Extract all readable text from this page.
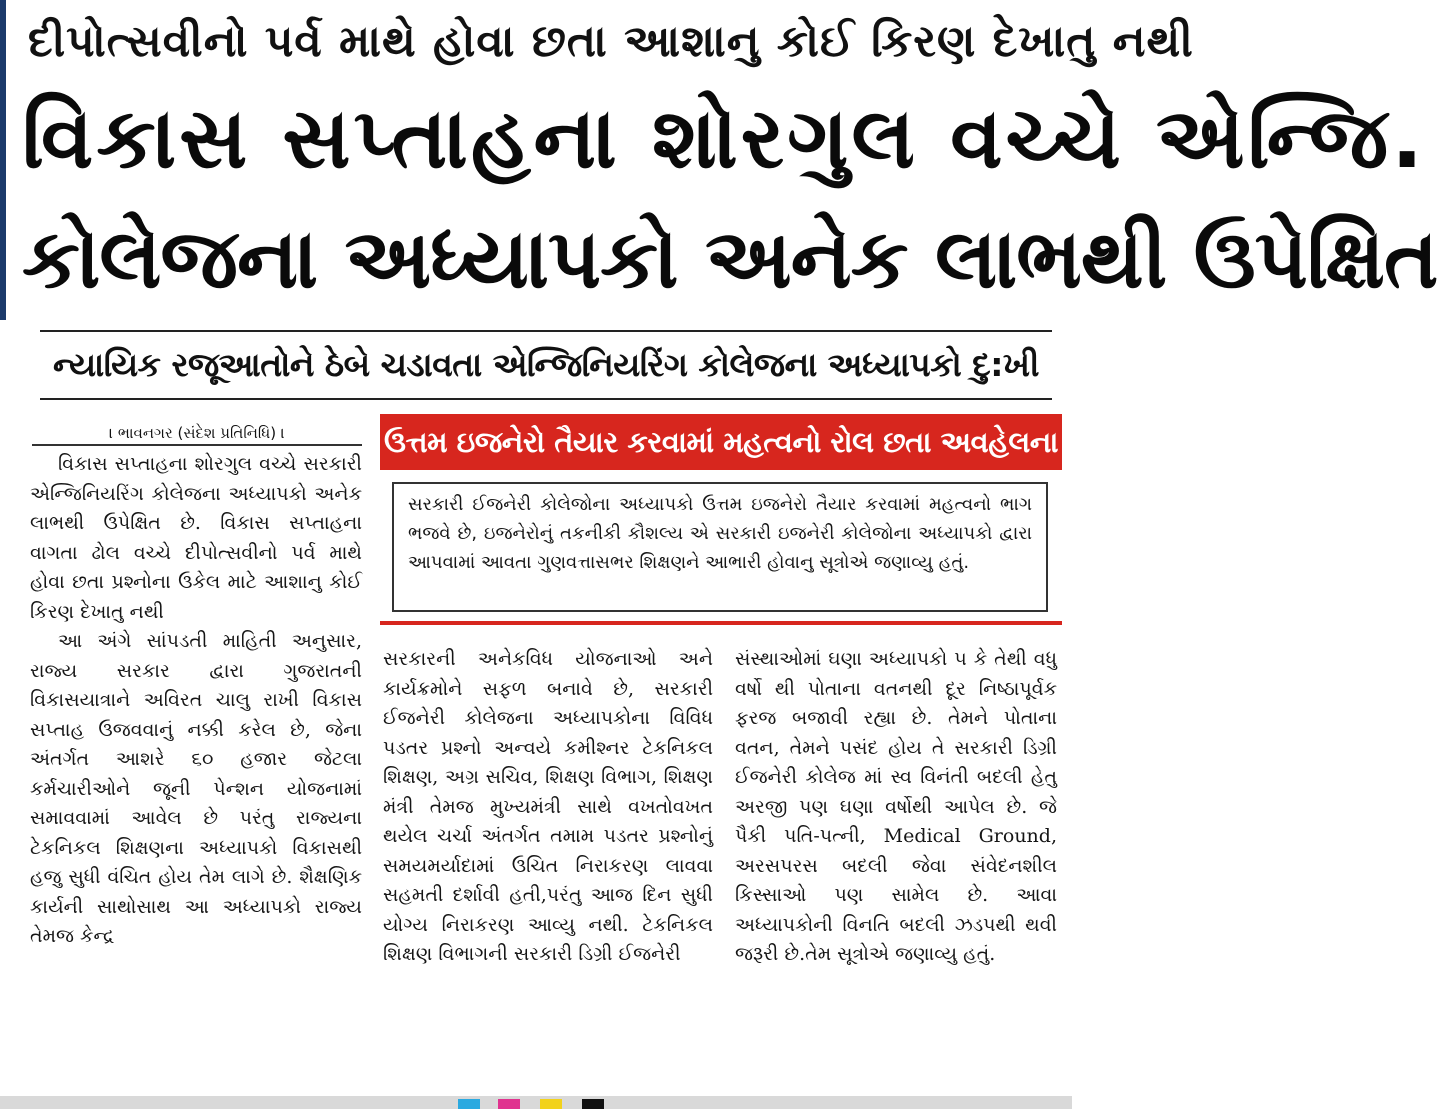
દીપોત્સવીનો પર્વ માથે હોવા છતા આશાનુ કોઈ કિરણ દેખાતુ નથી
વિકાસ સપ્તાહના શોરગુલ વચ્ચે એન્જિ.
કોલેજના અધ્યાપકો અનેક લાભથી ઉપેક્ષિત
ન્યાયિક રજૂઆતોને ઠેબે ચડાવતા એન્જિનિયરિંગ કોલેજના અધ્યાપકો દુ:ખી
। ભાવનગર (સંદેશ પ્રતિનિધિ) ।

વિકાસ સપ્તાહના શોરગુલ વચ્ચે સરકારી એન્જિનિયરિંગ કોલેજના અધ્યાપકો અનેક લાભથી ઉપેક્ષિત છે. વિકાસ સપ્તાહના વાગતા ઢોલ વચ્ચે દીપોત્સવીનો પર્વ માથે હોવા છતા પ્રશ્નોના ઉકેલ માટે આશાનુ કોઈ કિરણ દેખાતુ નથી

આ અંગે સાંપડતી માહિતી અનુસાર, રાજ્ય સરકાર દ્વારા ગુજરાતની વિકાસયાત્રાને અવિરત ચાલુ રાખી વિકાસ સપ્તાહ ઉજવવાનું નક્કી કરેલ છે, જેના અંતર્ગત આશરે ૬૦ હજાર જેટલા કર્મચારીઓને જૂની પેન્શન યોજનામાં સમાવવામાં આવેલ છે પરંતુ રાજ્યના ટેકનિકલ શિક્ષણના અધ્યાપકો વિકાસથી હજુ સુધી વંચિત હોય તેમ લાગે છે. શૈક્ષણિક કાર્યની સાથોસાથ આ અધ્યાપકો રાજ્ય તેમજ કેન્દ્ર

ઉત્તમ ઇજનેરો તૈયાર કરવામાં મહત્વનો રોલ છતા અવહેલના
સરકારી ઈજનેરી કોલેજોના અધ્યાપકો ઉત્તમ ઇજનેરો તૈયાર કરવામાં મહત્વનો ભાગ ભજવે છે, ઇજનેરોનું તકનીકી કૌશલ્ય એ સરકારી ઇજનેરી કોલેજોના અધ્યાપકો દ્વારા આપવામાં આવતા ગુણવત્તાસભર શિક્ષણને આભારી હોવાનુ સૂત્રોએ જણાવ્યુ હતું.

સરકારની અનેકવિધ યોજનાઓ અને કાર્યક્રમોને સફળ બનાવે છે, સરકારી ઈજનેરી કોલેજના અધ્યાપકોના વિવિધ પડતર પ્રશ્નો અન્વયે કમીશ્નર ટેકનિકલ શિક્ષણ, અગ્ર સચિવ, શિક્ષણ વિભાગ, શિક્ષણ મંત્રી તેમજ મુખ્યમંત્રી સાથે વખતોવખત થયેલ ચર્ચા અંતર્ગત તમામ પડતર પ્રશ્નોનું સમયમર્યાદામાં ઉચિત નિરાકરણ લાવવા સહમતી દર્શાવી હતી,પરંતુ આજ દિન સુધી યોગ્ય નિરાકરણ આવ્યુ નથી. ટેકનિકલ શિક્ષણ વિભાગની સરકારી ડિગ્રી ઈજનેરી

સંસ્થાઓમાં ઘણા અધ્યાપકો ૫ કે તેથી વધુ વર્ષો થી પોતાના વતનથી દૂર નિષ્ઠાપૂર્વક ફરજ બજાવી રહ્યા છે. તેમને પોતાના વતન, તેમને પસંદ હોય તે સરકારી ડિગ્રી ઈજનેરી કોલેજ માં સ્વ વિનંતી બદલી હેતુ અરજી પણ ઘણા વર્ષોથી આપેલ છે. જે પૈકી પતિ-પત્ની, Medical Ground, અરસપરસ બદલી જેવા સંવેદનશીલ કિસ્સાઓ પણ સામેલ છે. આવા અધ્યાપકોની વિનતિ બદલી ઝડપથી થવી જરૂરી છે.તેમ સૂત્રોએ જણાવ્યુ હતું.
